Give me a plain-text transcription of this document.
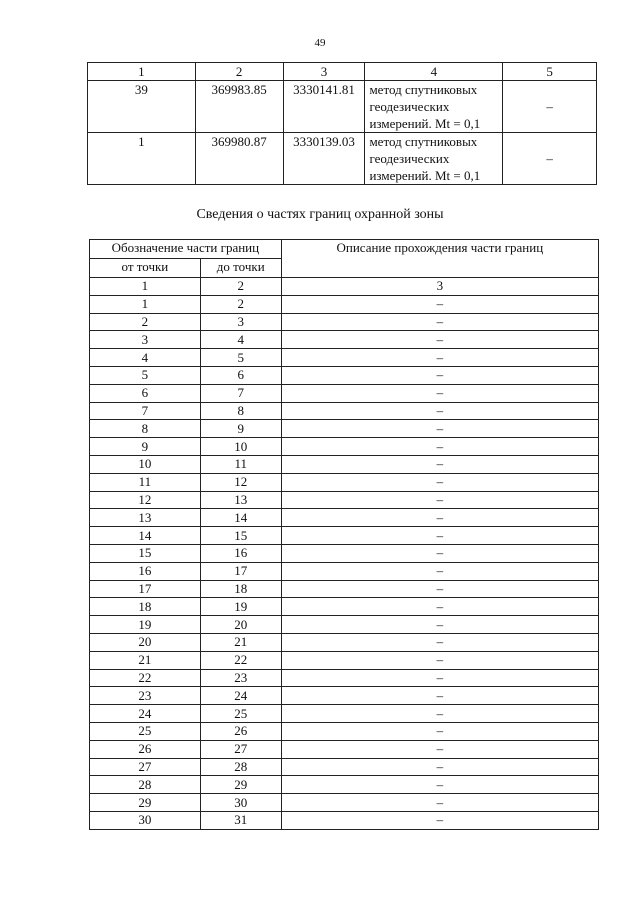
49
1	2	3	4	5
39	369983.85	3330141.81	метод спутниковых
геодезических
измерений. Mt = 0,1	–
1	369980.87	3330139.03	метод спутниковых
геодезических
измерений. Mt = 0,1	–
Сведения о частях границ охранной зоны
Обозначение части границ		Описание прохождения части границ
от точки	до точки	
1	2	3
1	2	–
2	3	–
3	4	–
4	5	–
5	6	–
6	7	–
7	8	–
8	9	–
9	10	–
10	11	–
11	12	–
12	13	–
13	14	–
14	15	–
15	16	–
16	17	–
17	18	–
18	19	–
19	20	–
20	21	–
21	22	–
22	23	–
23	24	–
24	25	–
25	26	–
26	27	–
27	28	–
28	29	–
29	30	–
30	31	–
